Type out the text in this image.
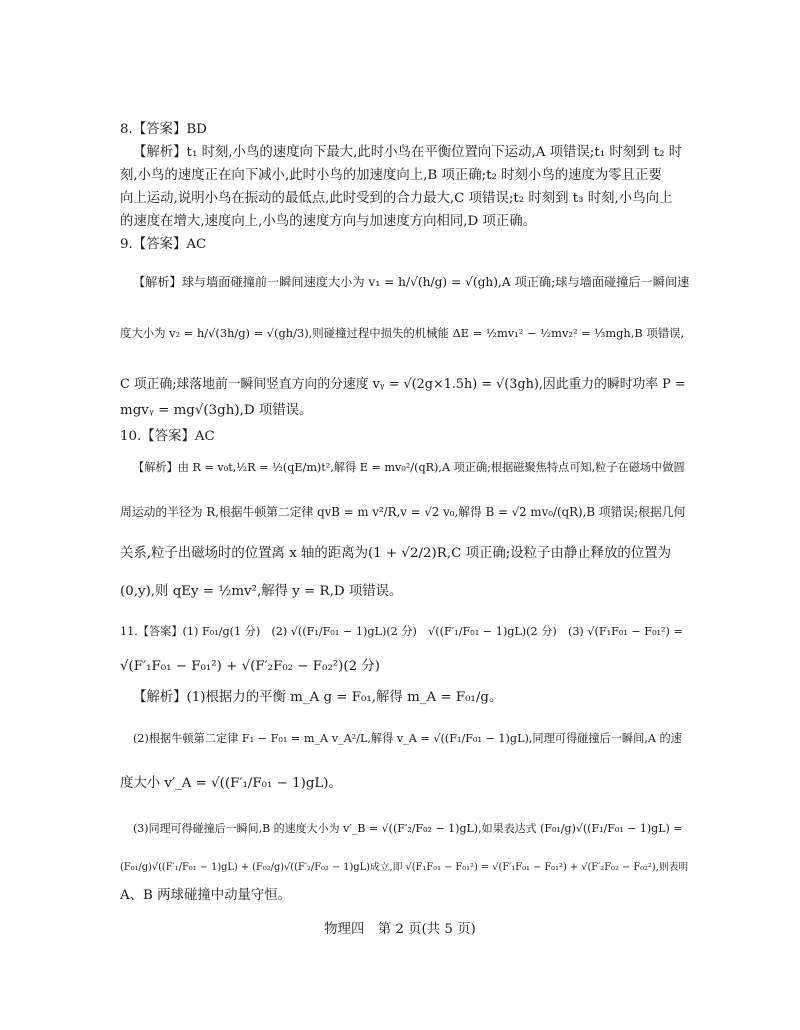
8.【答案】BD
【解析】t₁ 时刻,小鸟的速度向下最大,此时小鸟在平衡位置向下运动,A 项错误;t₁ 时刻到 t₂ 时
刻,小鸟的速度正在向下减小,此时小鸟的加速度向上,B 项正确;t₂ 时刻小鸟的速度为零且正要
向上运动,说明小鸟在振动的最低点,此时受到的合力最大,C 项错误;t₂ 时刻到 t₃ 时刻,小鸟向上
的速度在增大,速度向上,小鸟的速度方向与加速度方向相同,D 项正确。
9.【答案】AC
【解析】球与墙面碰撞前一瞬间速度大小为 v₁ = h/√(h/g) = √(gh),A 项正确;球与墙面碰撞后一瞬间速
度大小为 v₂ = h/√(3h/g) = √(gh/3),则碰撞过程中损失的机械能 ΔE = ½mv₁² − ½mv₂² = ⅓mgh,B 项错误,
C 项正确;球落地前一瞬间竖直方向的分速度 vᵧ = √(2g×1.5h) = √(3gh),因此重力的瞬时功率 P =
mgvᵧ = mg√(3gh),D 项错误。
10.【答案】AC
【解析】由 R = v₀t,½R = ½(qE/m)t²,解得 E = mv₀²/(qR),A 项正确;根据磁聚焦特点可知,粒子在磁场中做圆
周运动的半径为 R,根据牛顿第二定律 qvB = m v²/R,v = √2 v₀,解得 B = √2 mv₀/(qR),B 项错误;根据几何
关系,粒子出磁场时的位置离 x 轴的距离为(1 + √2/2)R,C 项正确;设粒子由静止释放的位置为
(0,y),则 qEy = ½mv²,解得 y = R,D 项错误。
11.【答案】(1) F₀₁/g(1 分)　(2) √((F₁/F₀₁ − 1)gL)(2 分)　√((F′₁/F₀₁ − 1)gL)(2 分)　(3) √(F₁F₀₁ − F₀₁²) =
√(F′₁F₀₁ − F₀₁²) + √(F′₂F₀₂ − F₀₂²)(2 分)
【解析】(1)根据力的平衡 m_A g = F₀₁,解得 m_A = F₀₁/g。
(2)根据牛顿第二定律 F₁ − F₀₁ = m_A v_A²/L,解得 v_A = √((F₁/F₀₁ − 1)gL),同理可得碰撞后一瞬间,A 的速
度大小 v′_A = √((F′₁/F₀₁ − 1)gL)。
(3)同理可得碰撞后一瞬间,B 的速度大小为 v′_B = √((F′₂/F₀₂ − 1)gL),如果表达式 (F₀₁/g)√((F₁/F₀₁ − 1)gL) =
(F₀₁/g)√((F′₁/F₀₁ − 1)gL) + (F₀₂/g)√((F′₂/F₀₂ − 1)gL)成立,即 √(F₁F₀₁ − F₀₁²) = √(F′₁F₀₁ − F₀₁²) + √(F′₂F₀₂ − F₀₂²),则表明
A、B 两球碰撞中动量守恒。
物理四　第 2 页(共 5 页)
